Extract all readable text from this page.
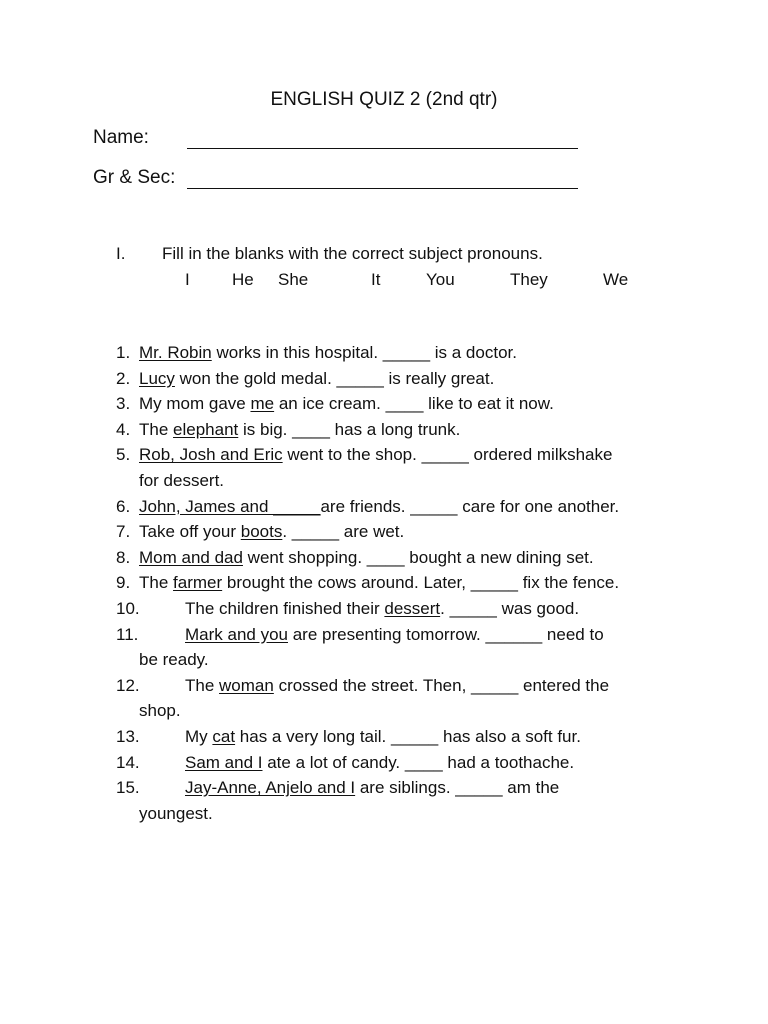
ENGLISH QUIZ 2 (2nd qtr)
Name:
Gr & Sec:
I. Fill in the blanks with the correct subject pronouns.
I He She	It	You	They	We
1. Mr. Robin works in this hospital. _____ is a doctor.
2. Lucy won the gold medal. _____ is really great.
3. My mom gave me an ice cream. ____ like to eat it now.
4. The elephant is big. ____ has a long trunk.
5. Rob, Josh and Eric went to the shop. _____ ordered milkshake
for dessert.
6. John, James and _____are friends. _____ care for one another.
7. Take off your boots. _____ are wet.
8. Mom and dad went shopping. ____ bought a new dining set.
9. The farmer brought the cows around. Later, _____ fix the fence.
10.	The children finished their dessert. _____ was good.
11.	Mark and you are presenting tomorrow. ______ need to
be ready.
12.	The woman crossed the street. Then, _____ entered the
shop.
13.	My cat has a very long tail. _____ has also a soft fur.
14.	Sam and I ate a lot of candy. ____ had a toothache.
15.	Jay-Anne, Anjelo and I are siblings. _____ am the
youngest.
